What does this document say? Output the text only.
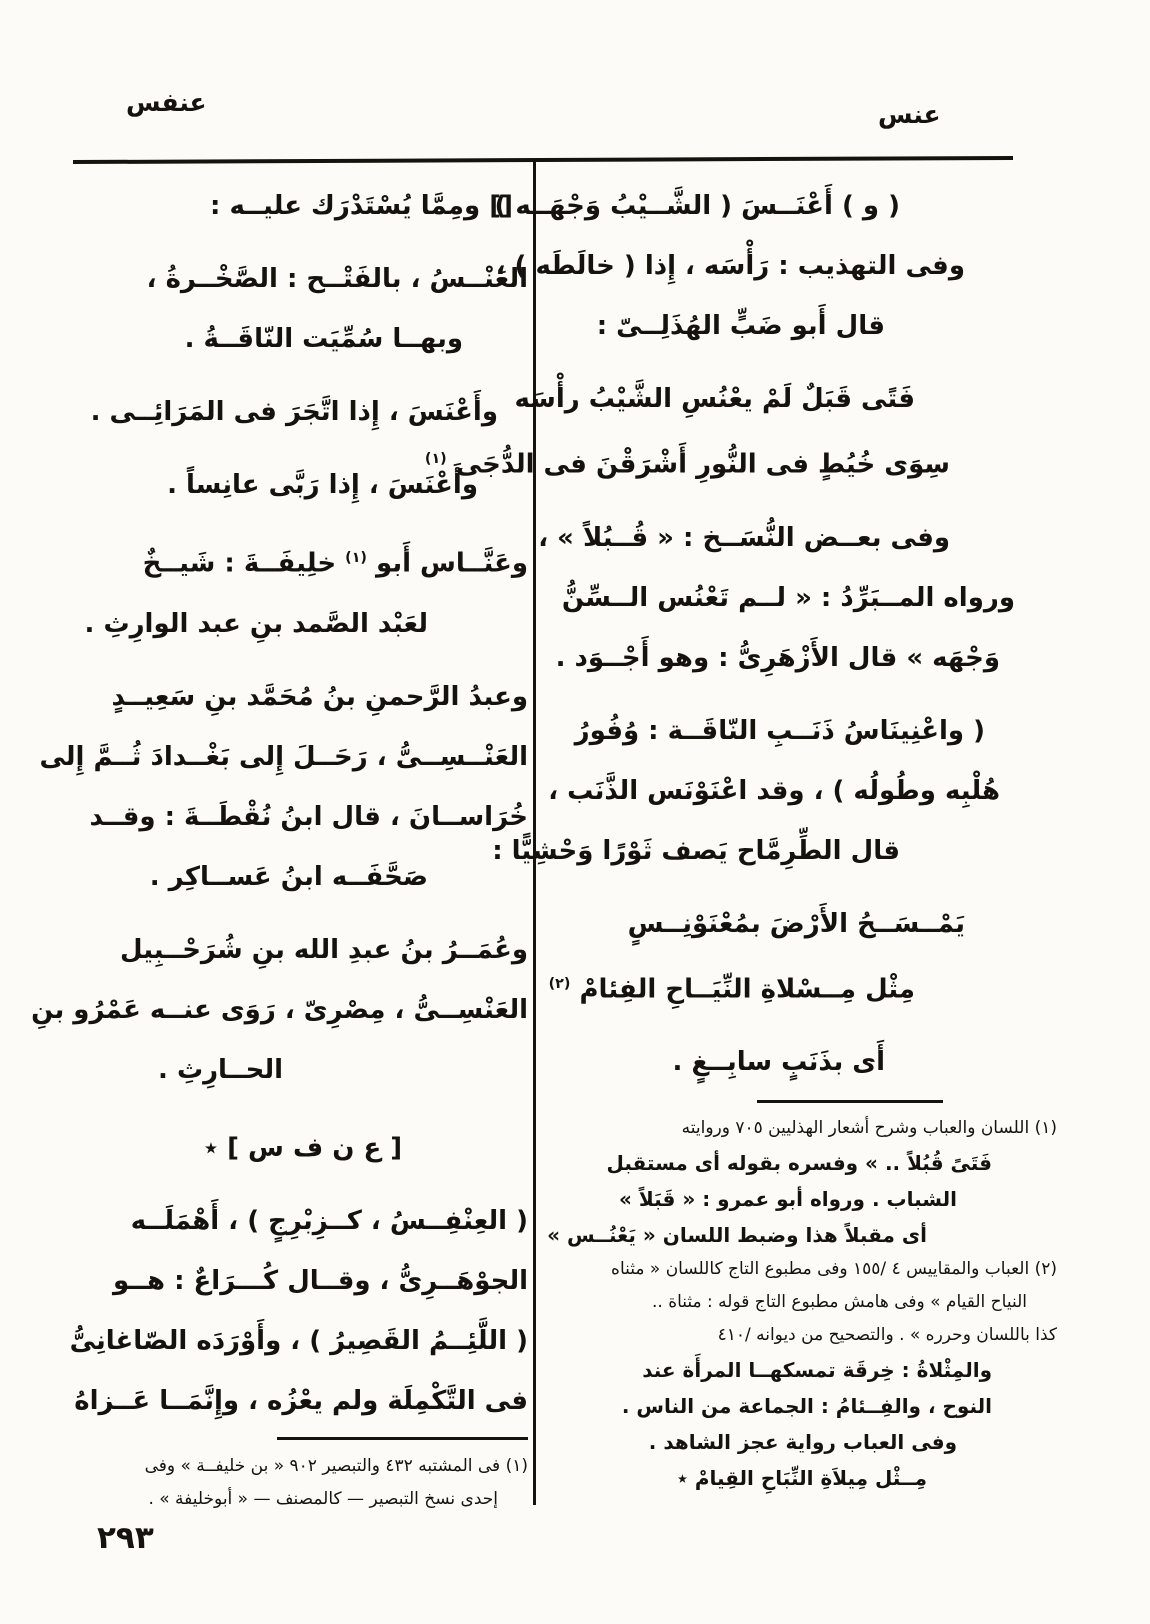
عنفس	عنس
( و ) أَعْنَــسَ ( الشَّــيْبُ وَجْهَــه )
وفى التهذيب : رَأْسَه ، إِذا ( خالَطَه ) ،
قال أَبو ضَبٍّ الهُذَلِــىّ :
فَتًى قَبَلٌ لَمْ يعْنُسِ الشَّيْبُ رأْسَه
سِوَى خُيُطٍ فى النُّورِ أَشْرَقْنَ فى الدُّجَى $^{(١)}$
وفى بعــض النُّسَــخ : « قُــبُلاً » ،
ورواه المــبَرِّدُ : « لــم تَعْنُس الــسِّنُّ
وَجْهَه » قال الأَزْهَرِىُّ : وهو أَجْــوَد .
( واعْنِينَاسُ ذَنَــبِ النّاقَــة : وُفُورُ
هُلْبِه وطُولُه ) ، وقد اعْنَوْنَس الذَّنَب ،
قال الطِّرِمَّاح يَصف ثَوْرًا وَحْشِيًّا :
يَمْــسَــحُ الأَرْضَ بمُعْنَوْنِــسٍ
مِثْل مِــسْلاةِ النِّيَــاحِ الفِئامْ $^{(٢)}$
أَى بذَنَبٍ سابِــغٍ .
[] ومِمَّا يُسْتَدْرَك عليــه :
العَنْــسُ ، بالفَتْــح : الصَّخْــرةُ ،
وبهــا سُمِّيَت النّاقَــةُ .
وأَعْنَسَ ، إِذا اتَّجَرَ فى المَرَائِــى .
وأَعْنَسَ ، إِذا رَبَّى عانِساً .
وعَنَّــاس أَبو $^{(١)}$ خلِيفَــةَ : شَيــخٌ
لعَبْد الصَّمد بنِ عبد الوارِثِ .
وعبدُ الرَّحمنِ بنُ مُحَمَّد بنِ سَعِيــدٍ
العَنْــسِــىُّ ، رَحَــلَ إِلى بَغْــدادَ ثُــمَّ إِلى
خُرَاســانَ ، قال ابنُ نُقْطَــةَ : وقــد
صَحَّفَــه ابنُ عَســاكِر .
وعُمَــرُ بنُ عبدِ الله بنِ شُرَحْــبِيل
العَنْسِــىُّ ، مِصْرِىّ ، رَوَى عنــه عَمْرُو بنِ
الحــارِثِ .
[ ع ن ف س ] ٭
( العِنْفِــسُ ، كــزِبْرِجٍ ) ، أَهْمَلَــه
الجوْهَــرِىُّ ، وقــال كُـــرَاعٌ : هــو
( اللَّئِــمُ القَصِيرُ ) ، وأَوْرَدَه الصّاغانِىُّ
فى التَّكْمِلَة ولم يعْزُه ، وإِنَّمَــا عَــزاهُ
(١) اللسان والعباب وشرح أشعار الهذليين ٧٠٥ وروايته
فَتَىً قُبُلاً .. » وفسره بقوله أى مستقبل
الشباب . ورواه أبو عمرو : « قَبَلاً »
أى مقبلاً هذا وضبط اللسان « يَعْنُــس »
(٢) العباب والمقاييس ٤ /١٥٥ وفى مطبوع التاج كاللسان « مثناه
النياح القيام » وفى هامش مطبوع التاج قوله : مثناة ..
كذا باللسان وحرره » . والتصحيح من ديوانه /٤١٠
والمِثْلاةُ : خِرقَة تمسكهــا المرأَة عند
النوح ، والفِــئامُ : الجماعة من الناس .
وفى العباب رواية عجز الشاهد .
مِــثْل مِيلاَةِ النِّبَاحِ القِيامْ ٭
(١) فى المشتبه ٤٣٢ والتبصير ٩٠٢ « بن خليفــة » وفى
إحدى نسخ التبصير — كالمصنف — « أبوخليفة » .
٢٩٣
